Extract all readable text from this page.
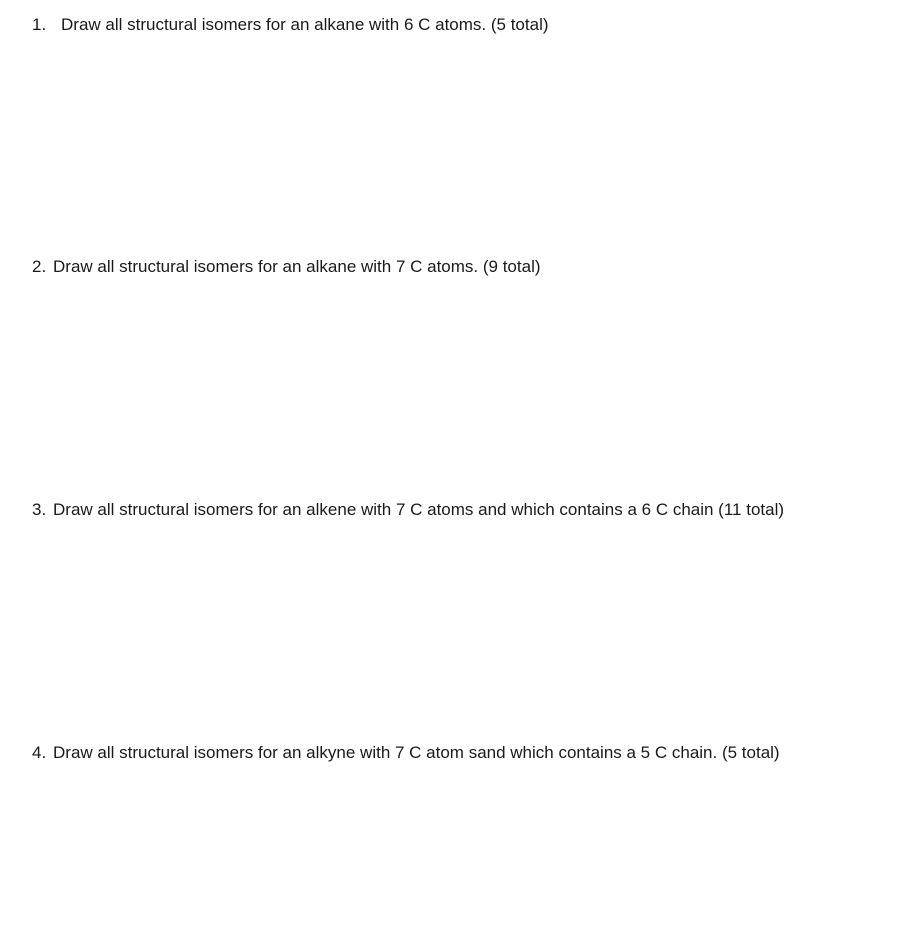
1. Draw all structural isomers for an alkane with 6 C atoms. (5 total)
2. Draw all structural isomers for an alkane with 7 C atoms. (9 total)
3. Draw all structural isomers for an alkene with 7 C atoms and which contains a 6 C chain (11 total)
4. Draw all structural isomers for an alkyne with 7 C atom sand which contains a 5 C chain. (5 total)
